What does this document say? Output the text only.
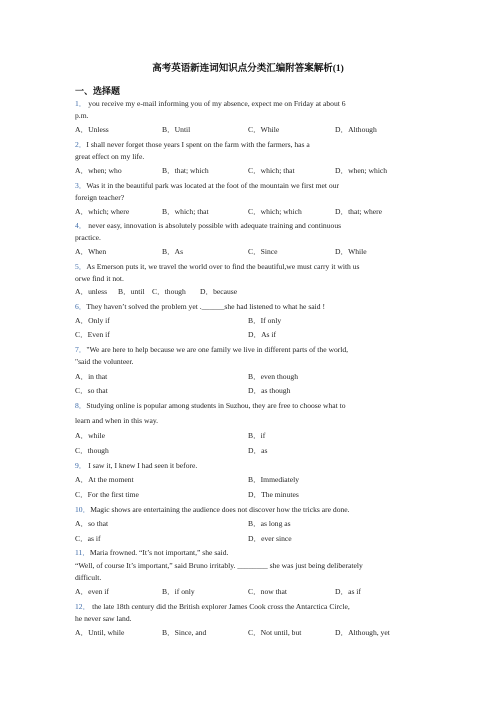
高考英语新连词知识点分类汇编附答案解析(1)
一、选择题
1． you receive my e-mail informing you of my absence, expect me on Friday at about 6
p.m.
A．Unless	B．Until	C．While	D．Although
2．I shall never forget those years I spent on the farm with the farmers, has a
great effect on my life.
A．when; who	B．that; which	C．which; that	D．when; which
3．Was it in the beautiful park was located at the foot of the mountain we first met our
foreign teacher?
A．which; where	B．which; that	C．which; which	D．that; where
4． never easy, innovation is absolutely possible with adequate training and continuous
practice.
A．When	B．As	C．Since	D．While
5．As Emerson puts it, we travel the world over to find the beautiful,we must carry it with us
orwe find it not.
A．unless B．until C．though D．because
6．They haven’t solved the problem yet .______she had listened to what he said !
A．Only if	B．If only
C．Even if	D．As if
7．"We are here to help because we are one family we live in different parts of the world,
"said the volunteer.
A．in that	B．even though
C．so that	D．as though
8．Studying online is popular among students in Suzhou, they are free to choose what to
learn and when in this way.
A．while	B．if
C．though	D．as
9． I saw it, I knew I had seen it before.
A．At the moment	B．Immediately
C．For the first time	D．The minutes
10．Magic shows are entertaining the audience does not discover how the tricks are done.
A．so that	B．as long as
C．as if	D．ever since
11．Maria frowned. “It’s not important,” she said.
“Well, of course It’s important,” said Bruno irritably. ________ she was just being deliberately
difficult.
A．even if	B．if only	C．now that	D．as if
12． the late 18th century did the British explorer James Cook cross the Antarctica Circle,
he never saw land.
A．Until, while	B．Since, and	C．Not until, but	D．Although, yet
